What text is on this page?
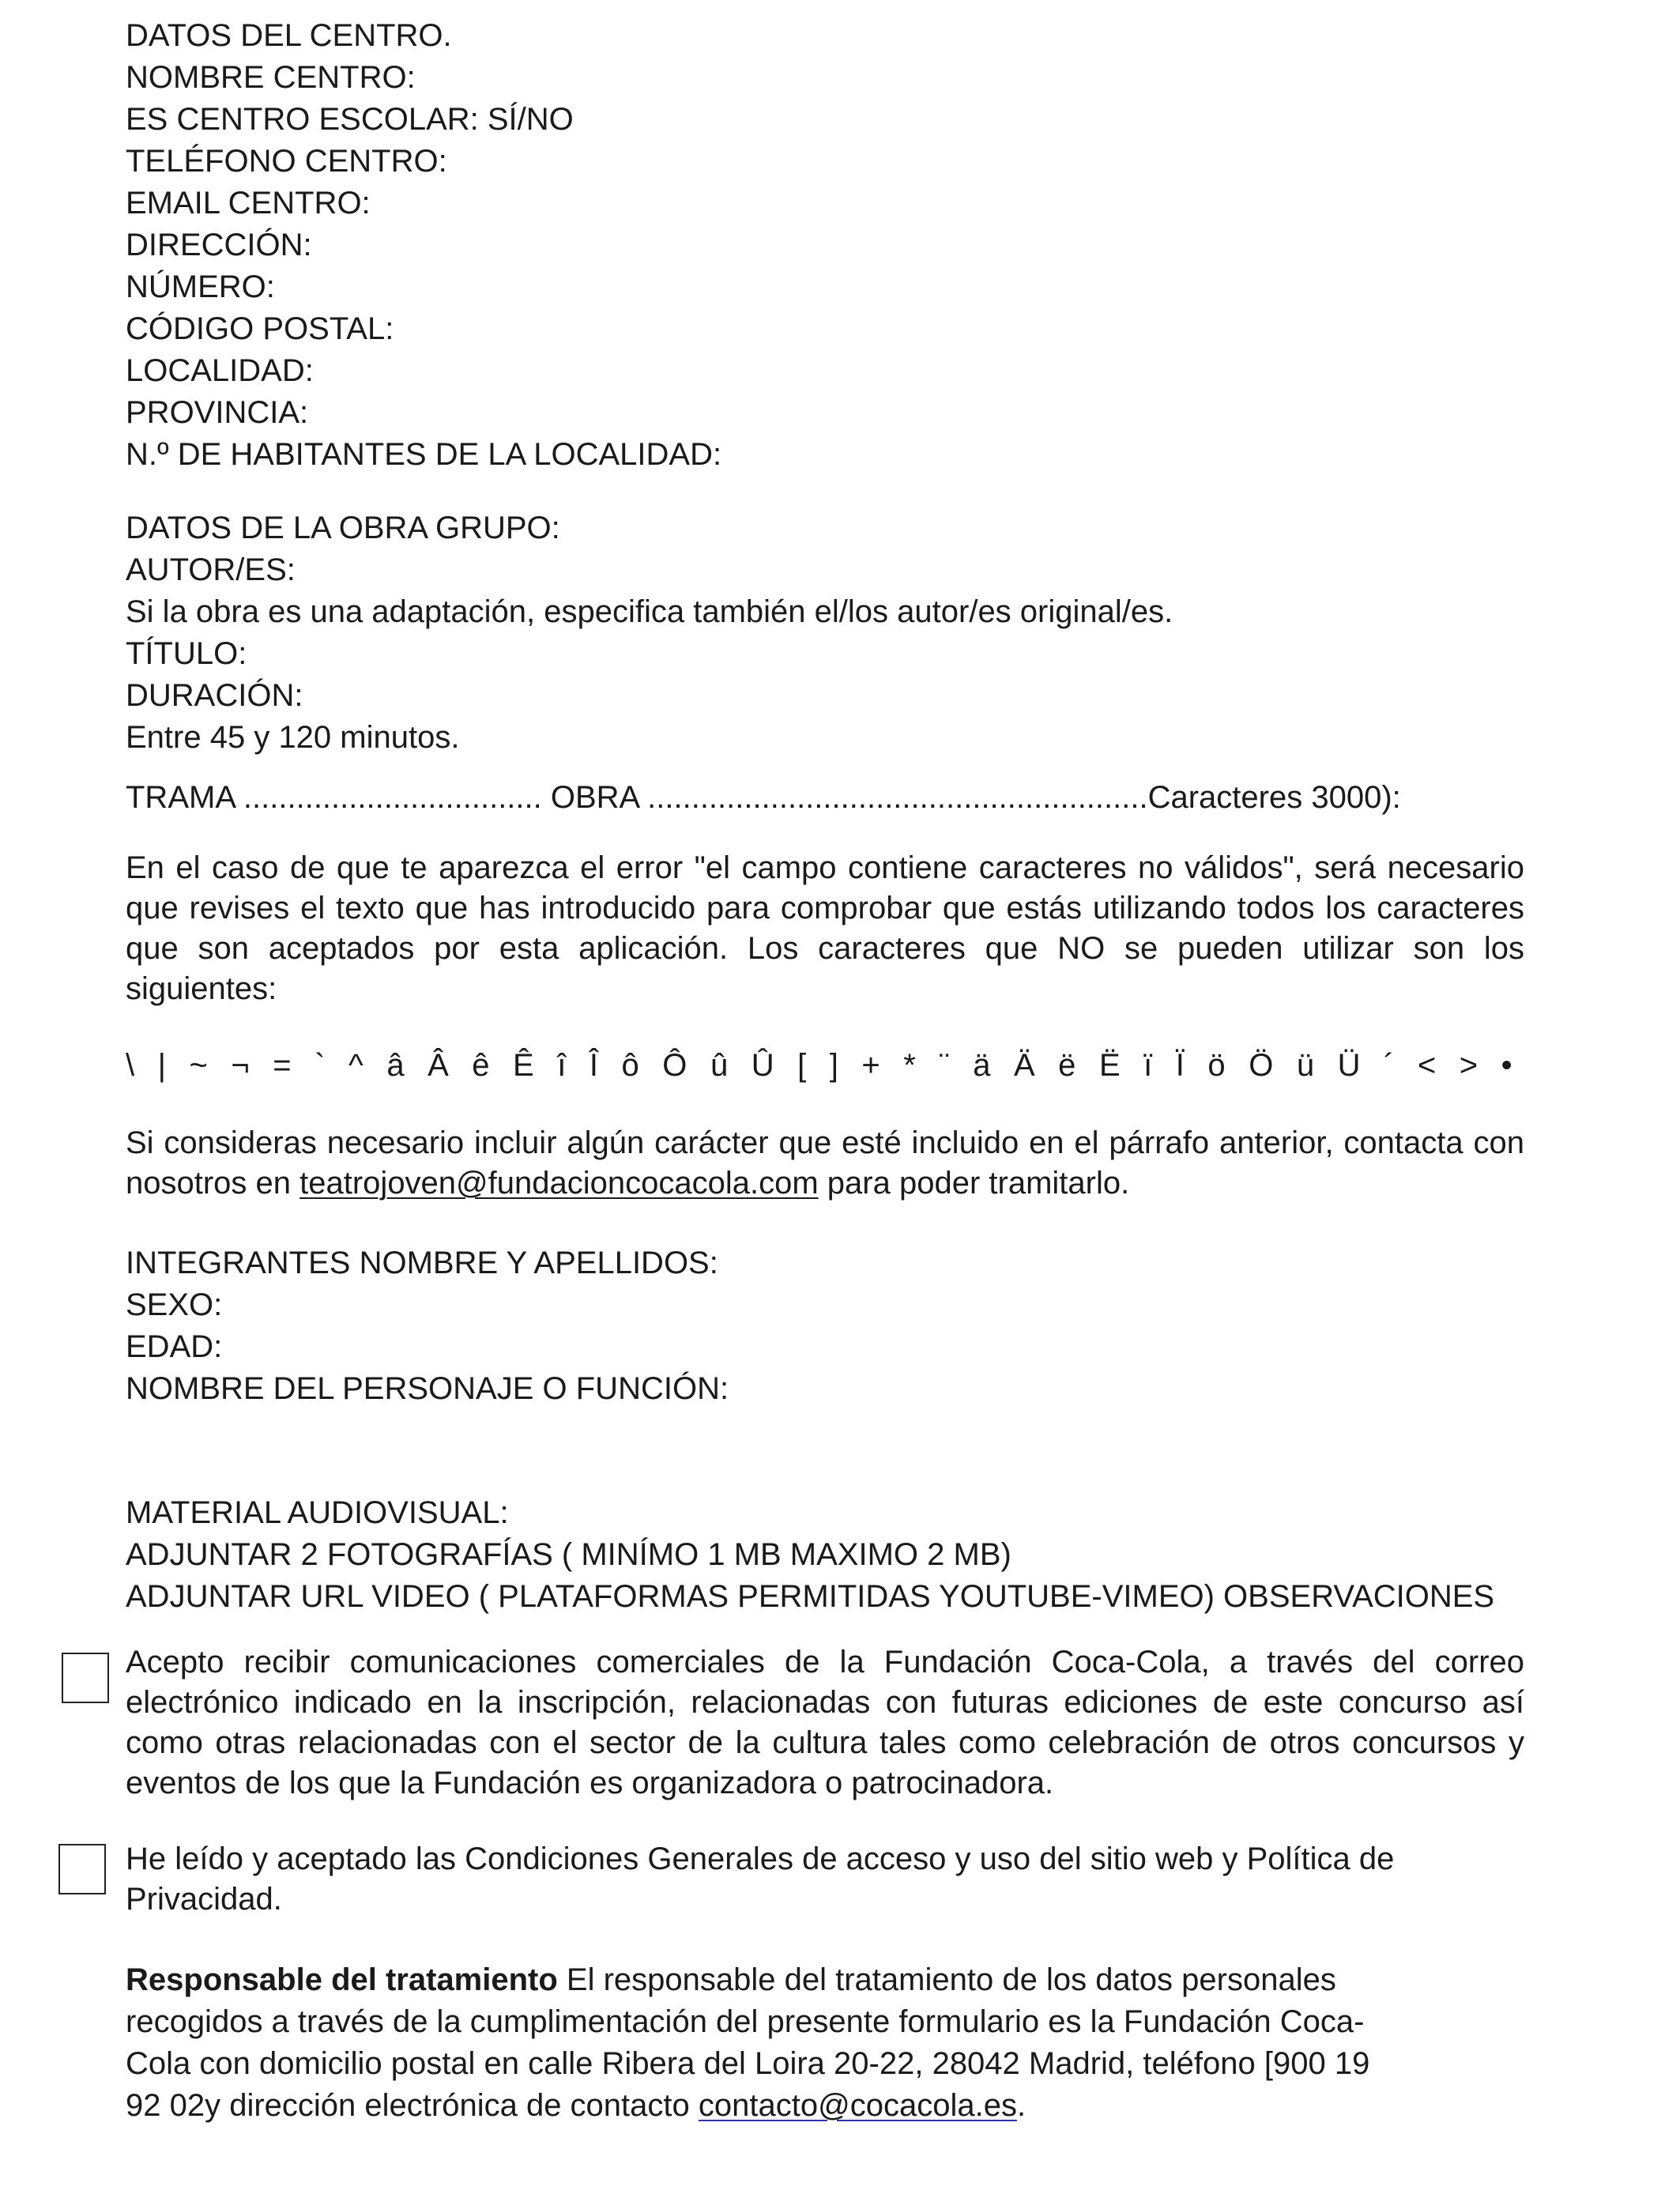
DATOS DEL CENTRO.
NOMBRE CENTRO:
ES CENTRO ESCOLAR: SÍ/NO
TELÉFONO CENTRO:
EMAIL CENTRO:
DIRECCIÓN:
NÚMERO:
CÓDIGO POSTAL:
LOCALIDAD:
PROVINCIA:
N.º DE HABITANTES DE LA LOCALIDAD:
DATOS DE LA OBRA GRUPO:
AUTOR/ES:
Si la obra es una adaptación, especifica también el/los autor/es original/es.
TÍTULO:
DURACIÓN:
Entre 45 y 120 minutos.
TRAMA .................................. OBRA .........................................................Caracteres 3000):
En el caso de que te aparezca el error "el campo contiene caracteres no válidos", será necesario que revises el texto que has introducido para comprobar que estás utilizando todos los caracteres que son aceptados por esta aplicación. Los caracteres que NO se pueden utilizar son los siguientes:
\ | ~ ¬ = ` ^ â Â ê Ê î Î ô Ô û Û [ ] + * ¨ ä Ä ë Ë ï Ï ö Ö ü Ü ´ < > •
Si consideras necesario incluir algún carácter que esté incluido en el párrafo anterior, contacta con nosotros en teatrojoven@fundacioncocacola.com para poder tramitarlo.
INTEGRANTES NOMBRE Y APELLIDOS:
SEXO:
EDAD:
NOMBRE DEL PERSONAJE O FUNCIÓN:
MATERIAL AUDIOVISUAL:
ADJUNTAR 2 FOTOGRAFÍAS ( MINÍMO 1 MB MAXIMO 2 MB)
ADJUNTAR URL VIDEO ( PLATAFORMAS PERMITIDAS YOUTUBE-VIMEO) OBSERVACIONES
Acepto recibir comunicaciones comerciales de la Fundación Coca-Cola, a través del correo electrónico indicado en la inscripción, relacionadas con futuras ediciones de este concurso así como otras relacionadas con el sector de la cultura tales como celebración de otros concursos y eventos de los que la Fundación es organizadora o patrocinadora.
He leído y aceptado las Condiciones Generales de acceso y uso del sitio web y Política de Privacidad.
Responsable del tratamiento El responsable del tratamiento de los datos personales
recogidos a través de la cumplimentación del presente formulario es la Fundación Coca-
Cola con domicilio postal en calle Ribera del Loira 20-22, 28042 Madrid, teléfono [900 19
92 02y dirección electrónica de contacto contacto@cocacola.es.
